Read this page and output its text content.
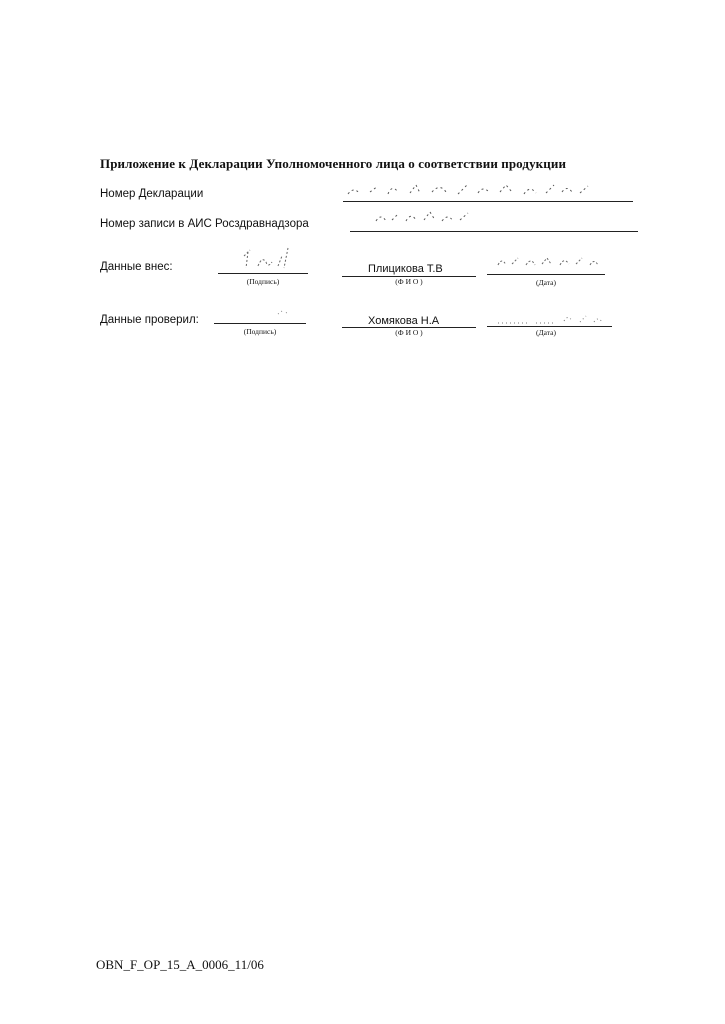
Приложение к Декларации Уполномоченного лица о соответствии продукции
Номер Декларации
Номер записи в АИС Росздравнадзора
Данные внес:
(Подпись)
Плицикова Т.В
(Ф И О )	(Дата)
Данные проверил:
(Подпись)
Хомякова Н.А
(Ф И О )	(Дата)
OBN_F_OP_15_A_0006_11/06
